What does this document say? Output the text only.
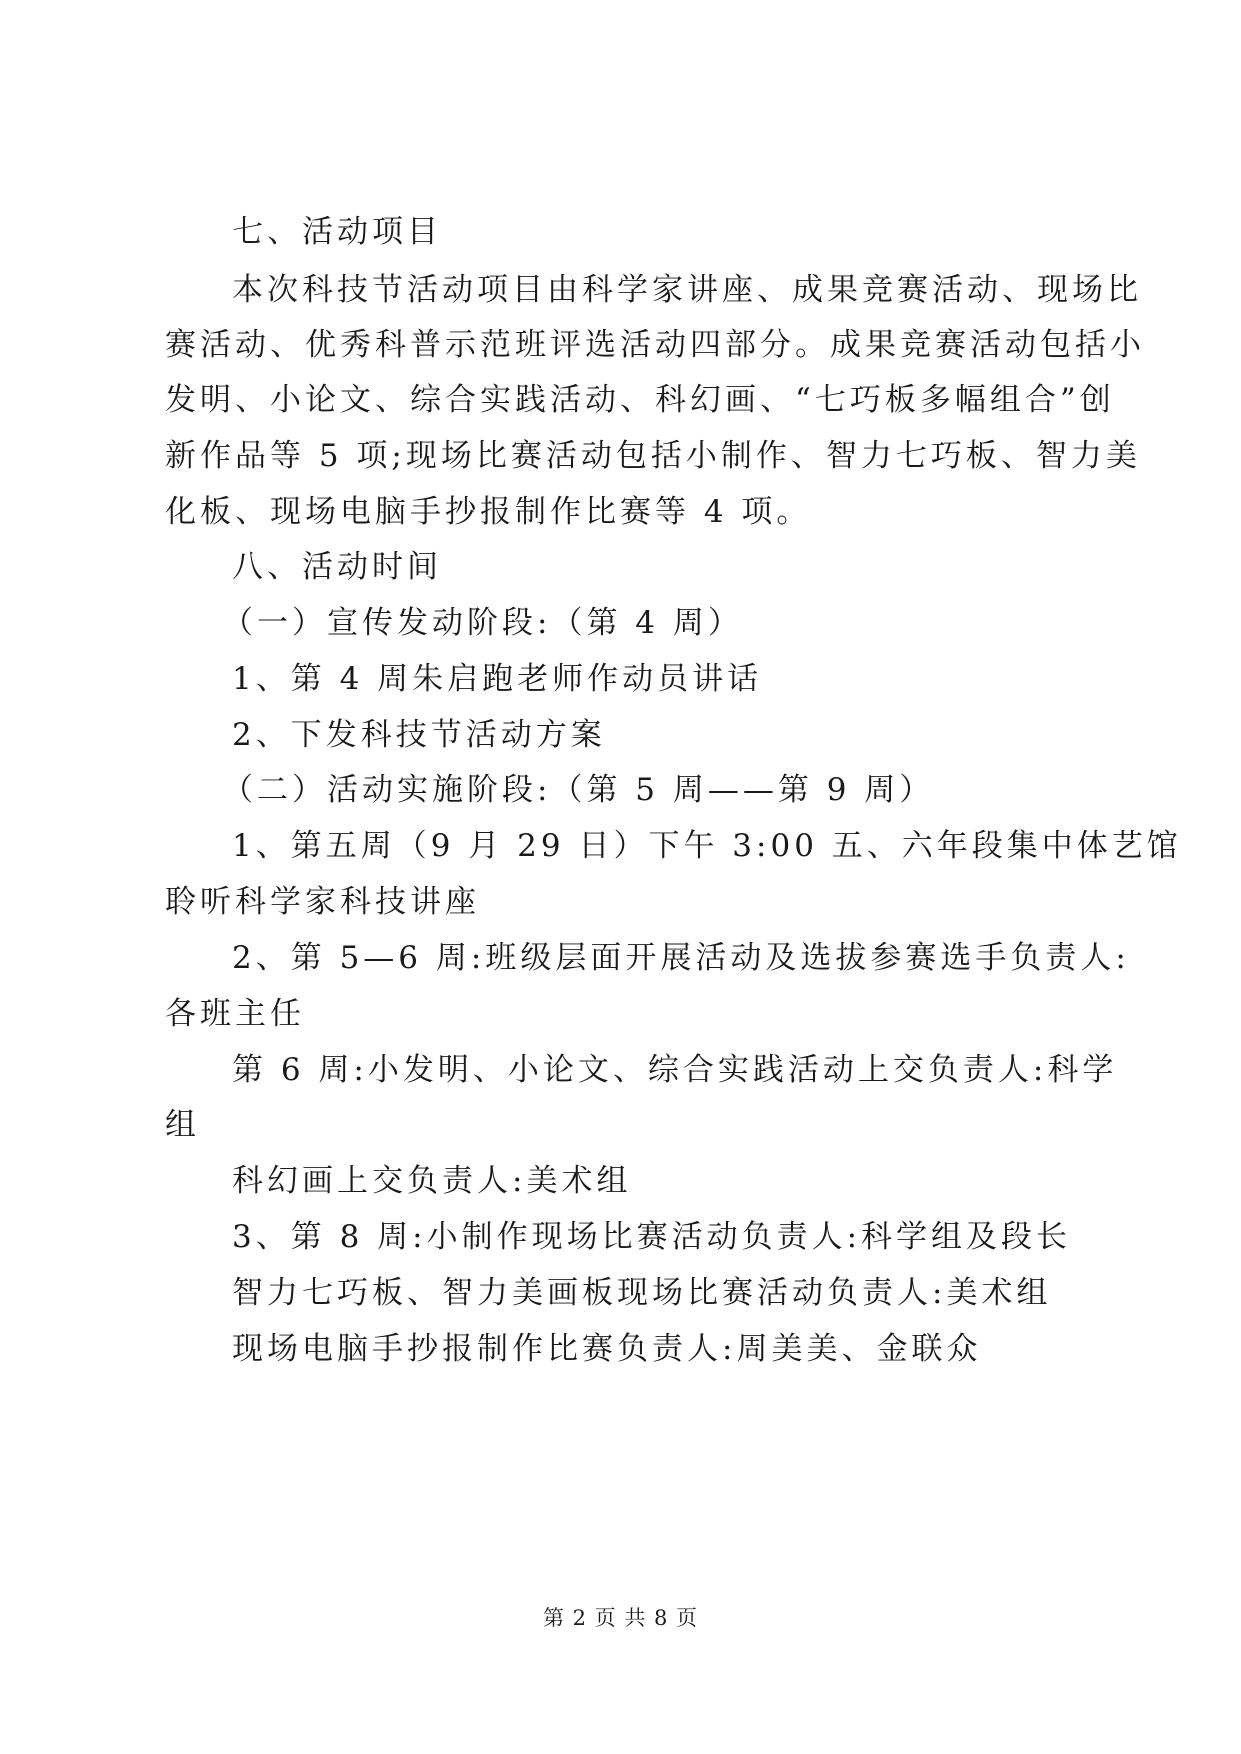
七、活动项目
本次科技节活动项目由科学家讲座、成果竞赛活动、现场比
赛活动、优秀科普示范班评选活动四部分。成果竞赛活动包括小
发明、小论文、综合实践活动、科幻画、“七巧板多幅组合”创
新作品等 5 项;现场比赛活动包括小制作、智力七巧板、智力美
化板、现场电脑手抄报制作比赛等 4 项。
八、活动时间
（一）宣传发动阶段:（第 4 周）
1、第 4 周朱启跑老师作动员讲话
2、下发科技节活动方案
（二）活动实施阶段:（第 5 周——第 9 周）
1、第五周（9 月 29 日）下午 3:00 五、六年段集中体艺馆
聆听科学家科技讲座
2、第 5—6 周:班级层面开展活动及选拔参赛选手负责人:
各班主任
第 6 周:小发明、小论文、综合实践活动上交负责人:科学
组
科幻画上交负责人:美术组
3、第 8 周:小制作现场比赛活动负责人:科学组及段长
智力七巧板、智力美画板现场比赛活动负责人:美术组
现场电脑手抄报制作比赛负责人:周美美、金联众
第 2 页 共 8 页
